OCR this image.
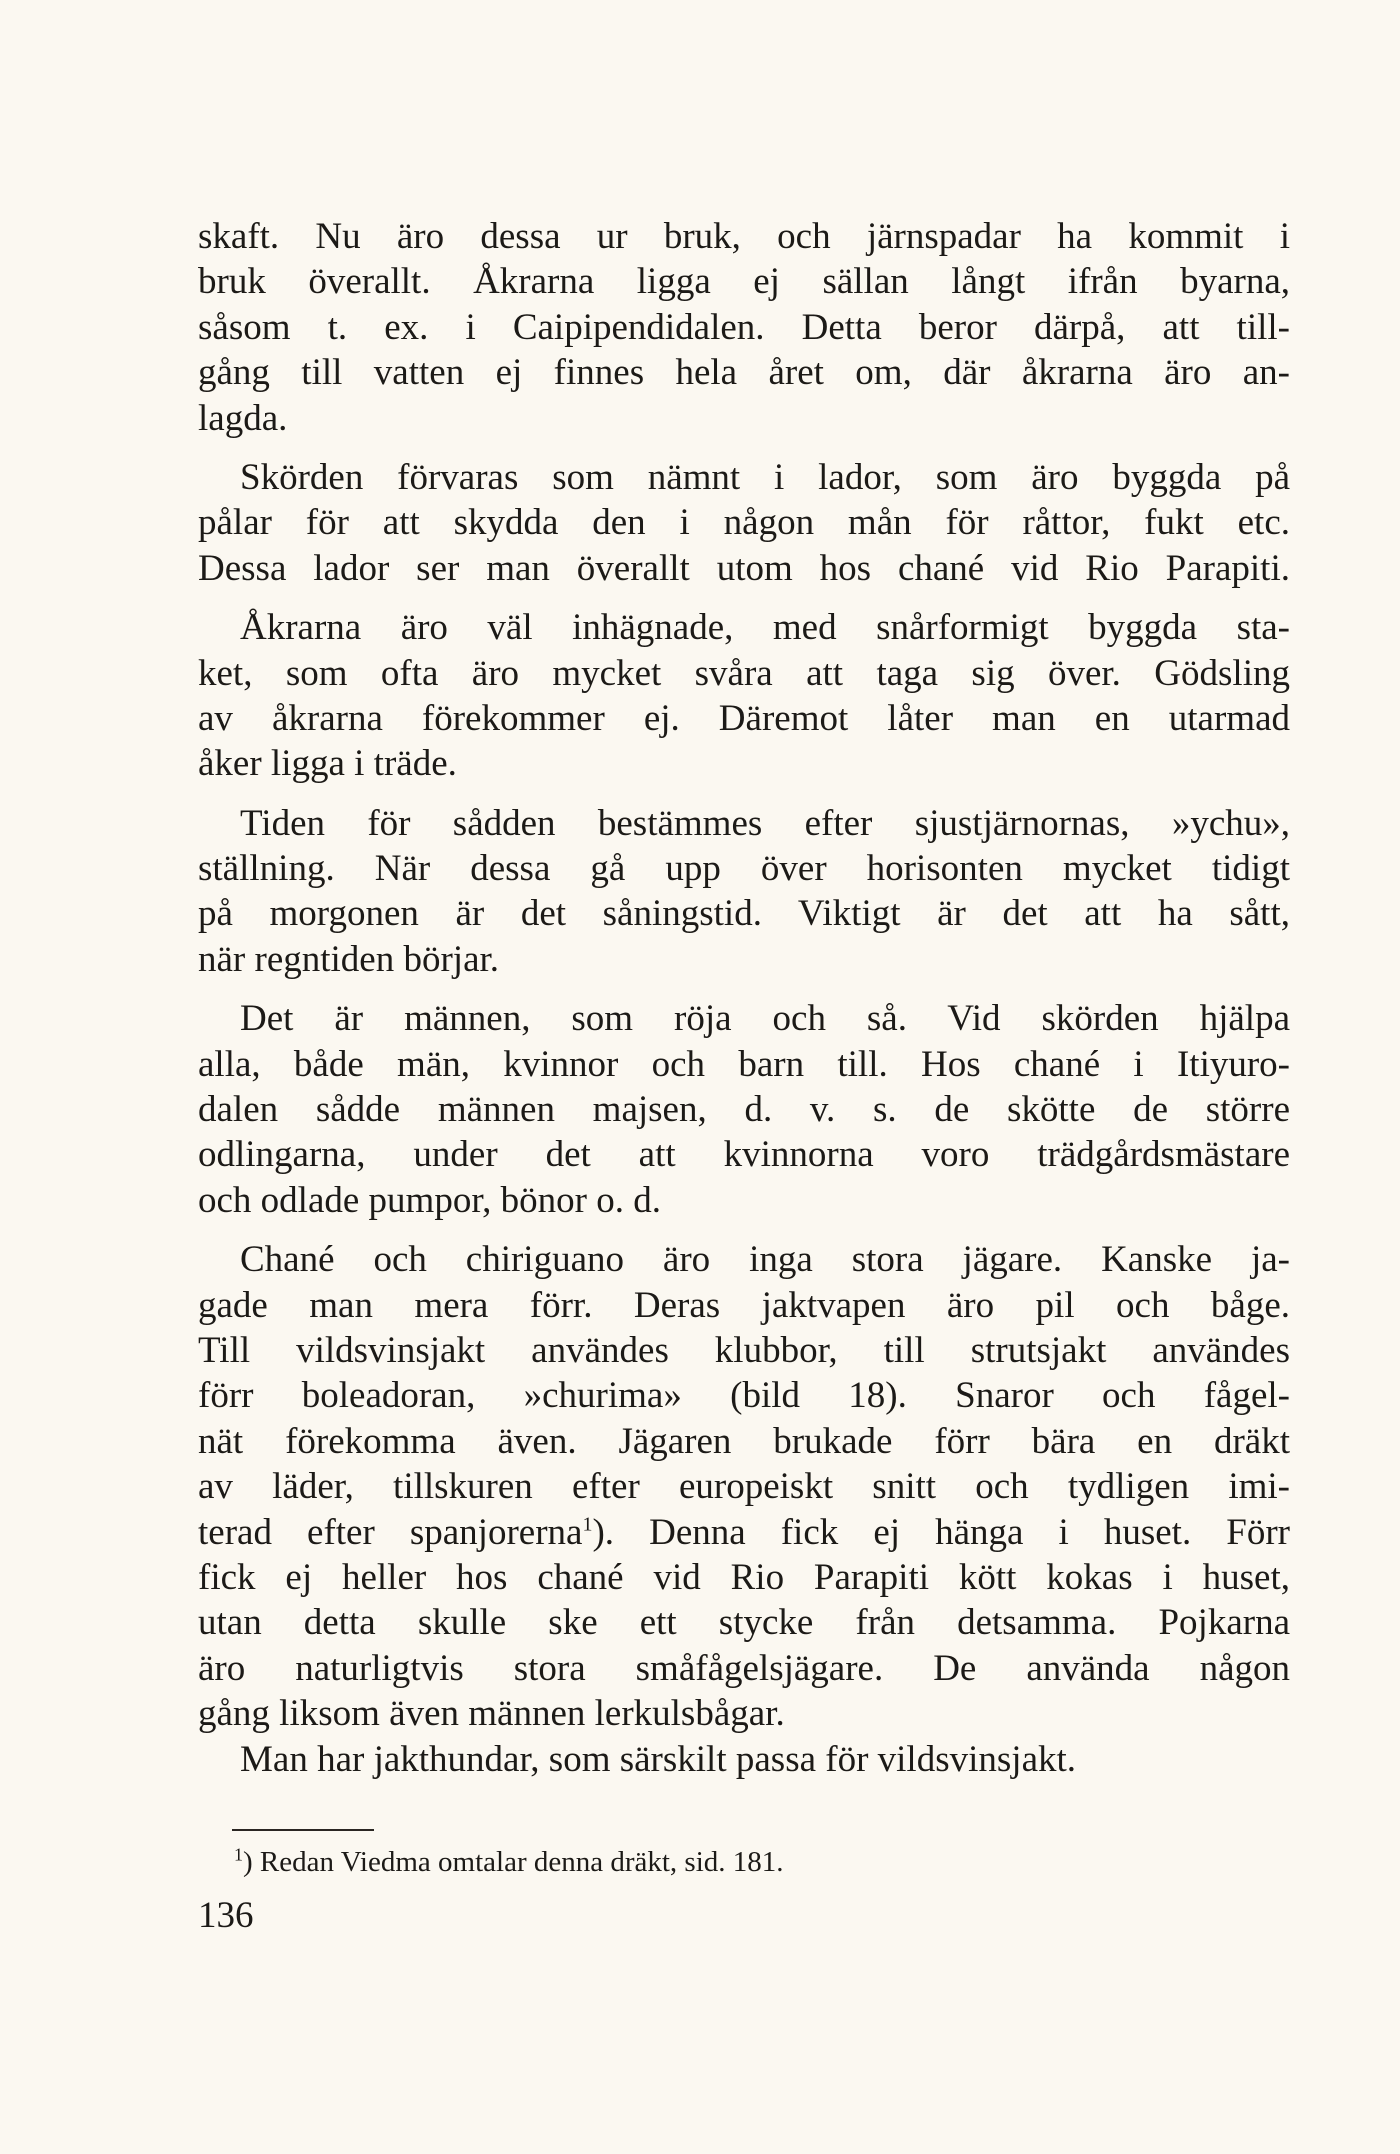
skaft. Nu äro dessa ur bruk, och järnspadar ha kommit i
bruk överallt. Åkrarna ligga ej sällan långt ifrån byarna,
såsom t. ex. i Caipipendidalen. Detta beror därpå, att till-
gång till vatten ej finnes hela året om, där åkrarna äro an-
lagda.
Skörden förvaras som nämnt i lador, som äro byggda på
pålar för att skydda den i någon mån för råttor, fukt etc.
Dessa lador ser man överallt utom hos chané vid Rio Parapiti.
Åkrarna äro väl inhägnade, med snårformigt byggda sta-
ket, som ofta äro mycket svåra att taga sig över. Gödsling
av åkrarna förekommer ej. Däremot låter man en utarmad
åker ligga i träde.
Tiden för sådden bestämmes efter sjustjärnornas, »ychu»,
ställning. När dessa gå upp över horisonten mycket tidigt
på morgonen är det såningstid. Viktigt är det att ha sått,
när regntiden börjar.
Det är männen, som röja och så. Vid skörden hjälpa
alla, både män, kvinnor och barn till. Hos chané i Itiyuro-
dalen sådde männen majsen, d. v. s. de skötte de större
odlingarna, under det att kvinnorna voro trädgårdsmästare
och odlade pumpor, bönor o. d.
Chané och chiriguano äro inga stora jägare. Kanske ja-
gade man mera förr. Deras jaktvapen äro pil och båge.
Till vildsvinsjakt användes klubbor, till strutsjakt användes
förr boleadoran, »churima» (bild 18). Snaror och fågel-
nät förekomma även. Jägaren brukade förr bära en dräkt
av läder, tillskuren efter europeiskt snitt och tydligen imi-
terad efter spanjorerna$^1$). Denna fick ej hänga i huset. Förr
fick ej heller hos chané vid Rio Parapiti kött kokas i huset,
utan detta skulle ske ett stycke från detsamma. Pojkarna
äro naturligtvis stora småfågelsjägare. De använda någon
gång liksom även männen lerkulsbågar.
Man har jakthundar, som särskilt passa för vildsvinsjakt.
$^1$) Redan Viedma omtalar denna dräkt, sid. 181.
136
